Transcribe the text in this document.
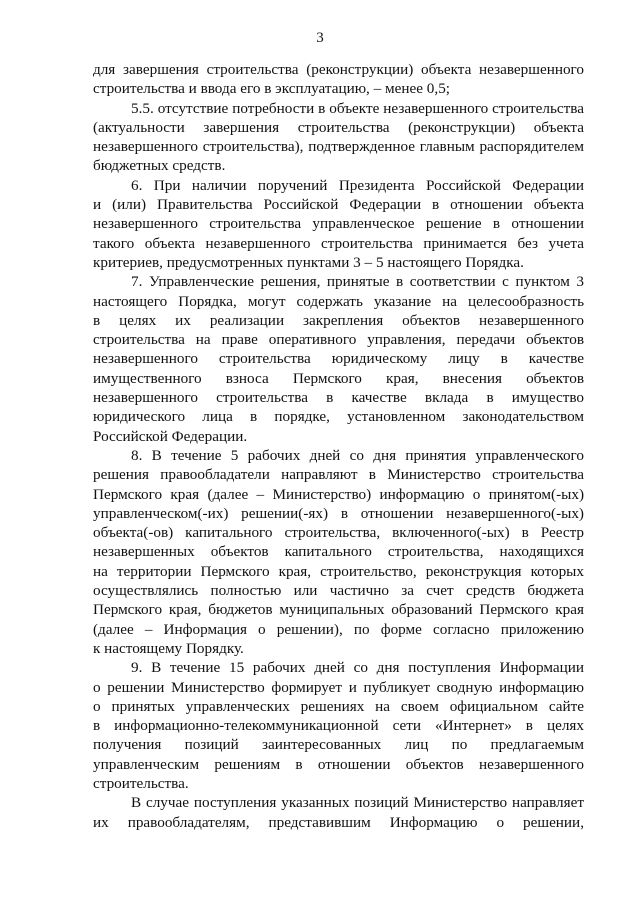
3
для завершения строительства (реконструкции) объекта незавершенного
строительства и ввода его в эксплуатацию, – менее 0,5;
5.5. отсутствие потребности в объекте незавершенного строительства
(актуальности завершения строительства (реконструкции) объекта
незавершенного строительства), подтвержденное главным распорядителем
бюджетных средств.
6. При наличии поручений Президента Российской Федерации
и (или) Правительства Российской Федерации в отношении объекта
незавершенного строительства управленческое решение в отношении
такого объекта незавершенного строительства принимается без учета
критериев, предусмотренных пунктами 3 – 5 настоящего Порядка.
7. Управленческие решения, принятые в соответствии с пунктом 3
настоящего Порядка, могут содержать указание на целесообразность
в целях их реализации закрепления объектов незавершенного
строительства на праве оперативного управления, передачи объектов
незавершенного строительства юридическому лицу в качестве
имущественного взноса Пермского края, внесения объектов
незавершенного строительства в качестве вклада в имущество
юридического лица в порядке, установленном законодательством
Российской Федерации.
8. В течение 5 рабочих дней со дня принятия управленческого
решения правообладатели направляют в Министерство строительства
Пермского края (далее – Министерство) информацию о принятом(-ых)
управленческом(-их) решении(-ях) в отношении незавершенного(-ых)
объекта(-ов) капитального строительства, включенного(-ых) в Реестр
незавершенных объектов капитального строительства, находящихся
на территории Пермского края, строительство, реконструкция которых
осуществлялись полностью или частично за счет средств бюджета
Пермского края, бюджетов муниципальных образований Пермского края
(далее – Информация о решении), по форме согласно приложению
к настоящему Порядку.
9. В течение 15 рабочих дней со дня поступления Информации
о решении Министерство формирует и публикует сводную информацию
о принятых управленческих решениях на своем официальном сайте
в информационно-телекоммуникационной сети «Интернет» в целях
получения позиций заинтересованных лиц по предлагаемым
управленческим решениям в отношении объектов незавершенного
строительства.
В случае поступления указанных позиций Министерство направляет
их правообладателям, представившим Информацию о решении,
